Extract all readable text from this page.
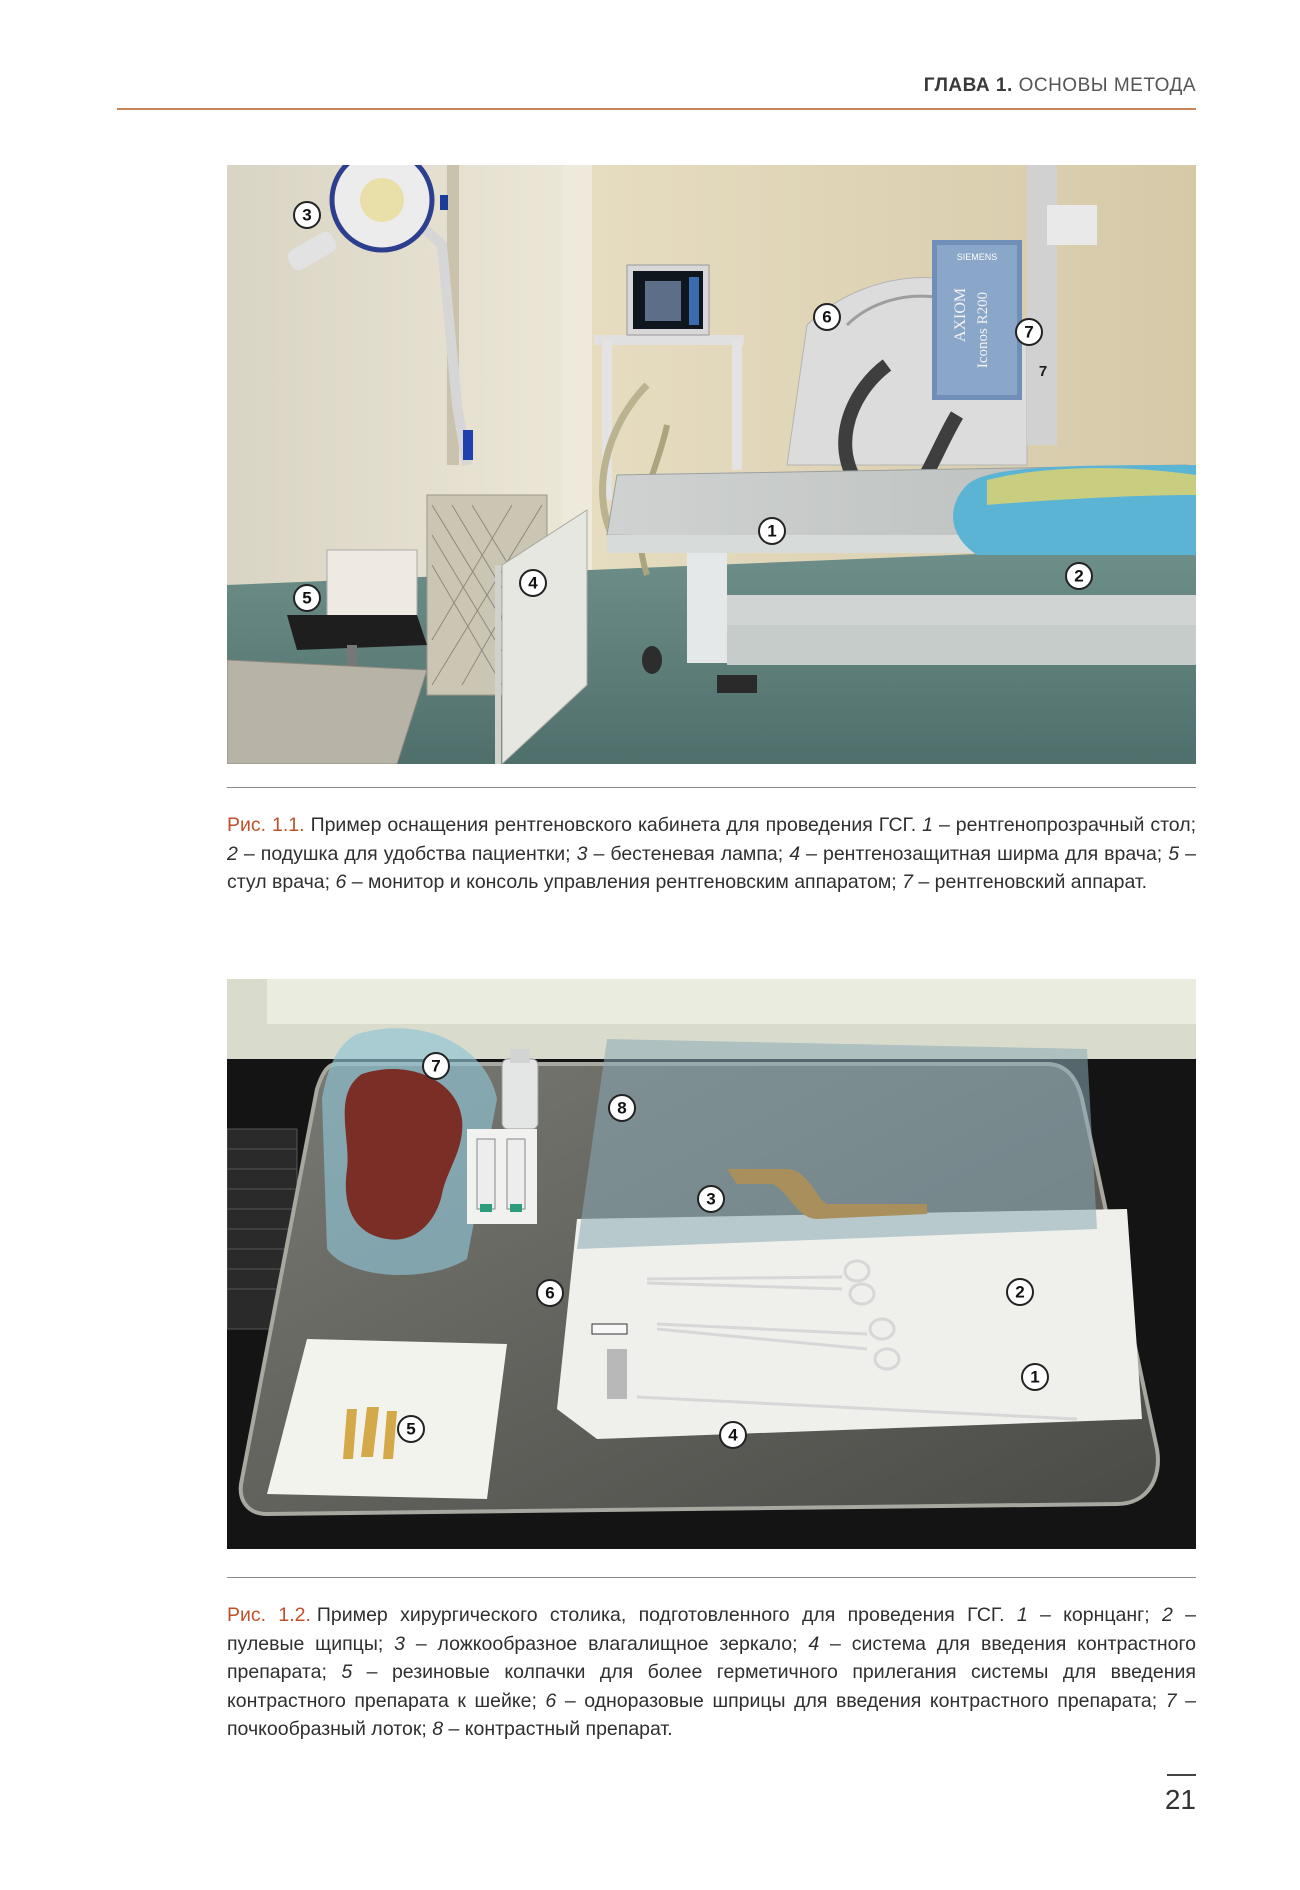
ГЛАВА 1. ОСНОВЫ МЕТОДА
SIEMENS
AXIOM Iconos R200
1
2
3
4
5
6
7
7
Рис. 1.1. Пример оснащения рентгеновского кабинета для проведения ГСГ. 1 – рентгенопрозрачный стол; 2 – подушка для удобства пациентки; 3 – бестеневая лампа; 4 – рентгенозащитная ширма для врача; 5 – стул врача; 6 – монитор и консоль управления рентгеновским аппаратом; 7 – рентгеновский аппарат.
1
2
3
4
5
6
7
8
Рис. 1.2. Пример хирургического столика, подготовленного для проведения ГСГ. 1 – корнцанг; 2 – пулевые щипцы; 3 – ложкообразное влагалищное зеркало; 4 – система для введения контрастного препарата; 5 – резиновые колпачки для более герметичного прилегания системы для введения контрастного препарата к шейке; 6 – одноразовые шприцы для введения контрастного препарата; 7 – почкообразный лоток; 8 – контрастный препарат.
21
